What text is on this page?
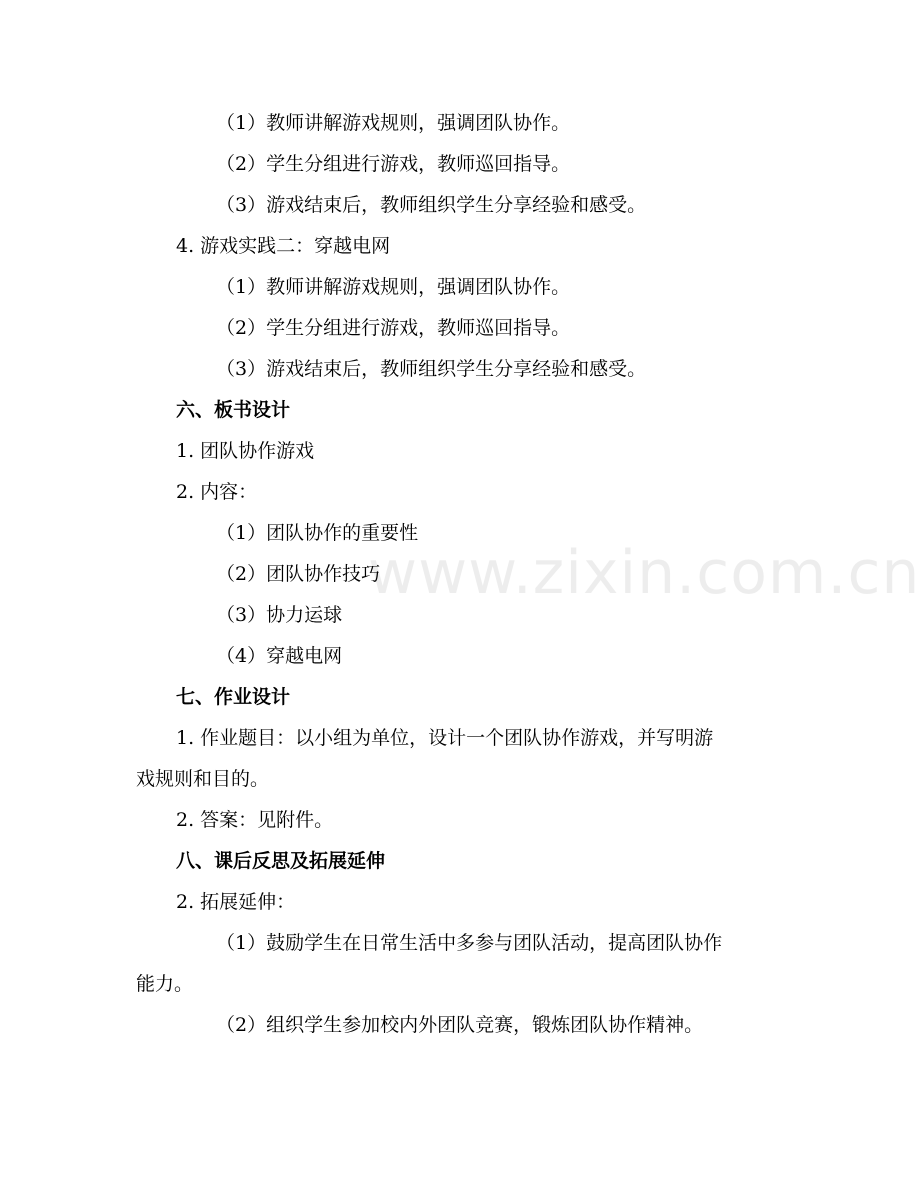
www.zixin.com.cn
（1）教师讲解游戏规则，强调团队协作。
（2）学生分组进行游戏，教师巡回指导。
（3）游戏结束后，教师组织学生分享经验和感受。
4. 游戏实践二：穿越电网
（1）教师讲解游戏规则，强调团队协作。
（2）学生分组进行游戏，教师巡回指导。
（3）游戏结束后，教师组织学生分享经验和感受。
六、板书设计
1. 团队协作游戏
2. 内容：
（1）团队协作的重要性
（2）团队协作技巧
（3）协力运球
（4）穿越电网
七、作业设计
1. 作业题目：以小组为单位，设计一个团队协作游戏，并写明游
戏规则和目的。
2. 答案：见附件。
八、课后反思及拓展延伸
2. 拓展延伸：
（1）鼓励学生在日常生活中多参与团队活动，提高团队协作
能力。
（2）组织学生参加校内外团队竞赛，锻炼团队协作精神。
